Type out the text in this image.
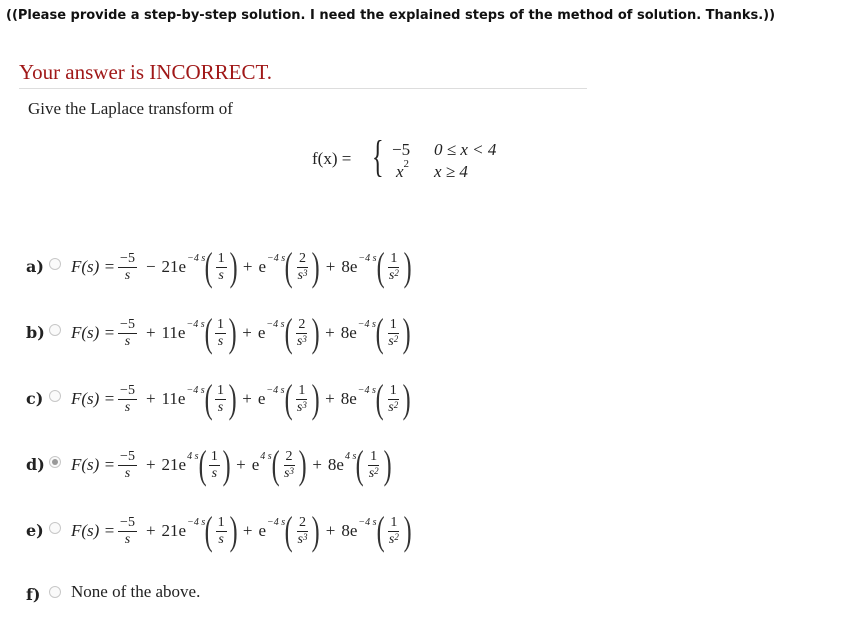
((Please provide a step-by-step solution. I need the explained steps of the method of solution. Thanks.))
Your answer is INCORRECT.
Give the Laplace transform of
f(x) = { −5 0 ≤ x < 4
$x^2$ x ≥ 4
a) $F(s) = \frac{-5}{s} - 21e -4$ s ( $\frac{1}{s}$ ) + e −4 s ( $\frac{2}{s^3}$ ) + 8e −4 s ( $\frac{1}{s^2}$ )
b) $F(s) = \frac{-5}{s} + 11e -4$ s ( $\frac{1}{s}$ ) + e −4 s ( $\frac{2}{s^3}$ ) + 8e −4 s ( $\frac{1}{s^2}$ )
c) $F(s) = \frac{-5}{s} + 11e -4$ s ( $\frac{1}{s}$ ) + e −4 s ( $\frac{1}{s^3}$ ) + 8e −4 s ( $\frac{1}{s^2}$ )
d) $F(s) = \frac{-5}{s} + 21e$ 4 s ( $\frac{1}{s}$ ) + e 4 s ( $\frac{2}{s^3}$ ) + 8e 4 s ( $\frac{1}{s^2}$ )
e) $F(s) = \frac{-5}{s} + 21e -4$ s ( $\frac{1}{s}$ ) + e −4 s ( $\frac{2}{s^3}$ ) + 8e −4 s ( $\frac{1}{s^2}$ )
f) None of the above.
